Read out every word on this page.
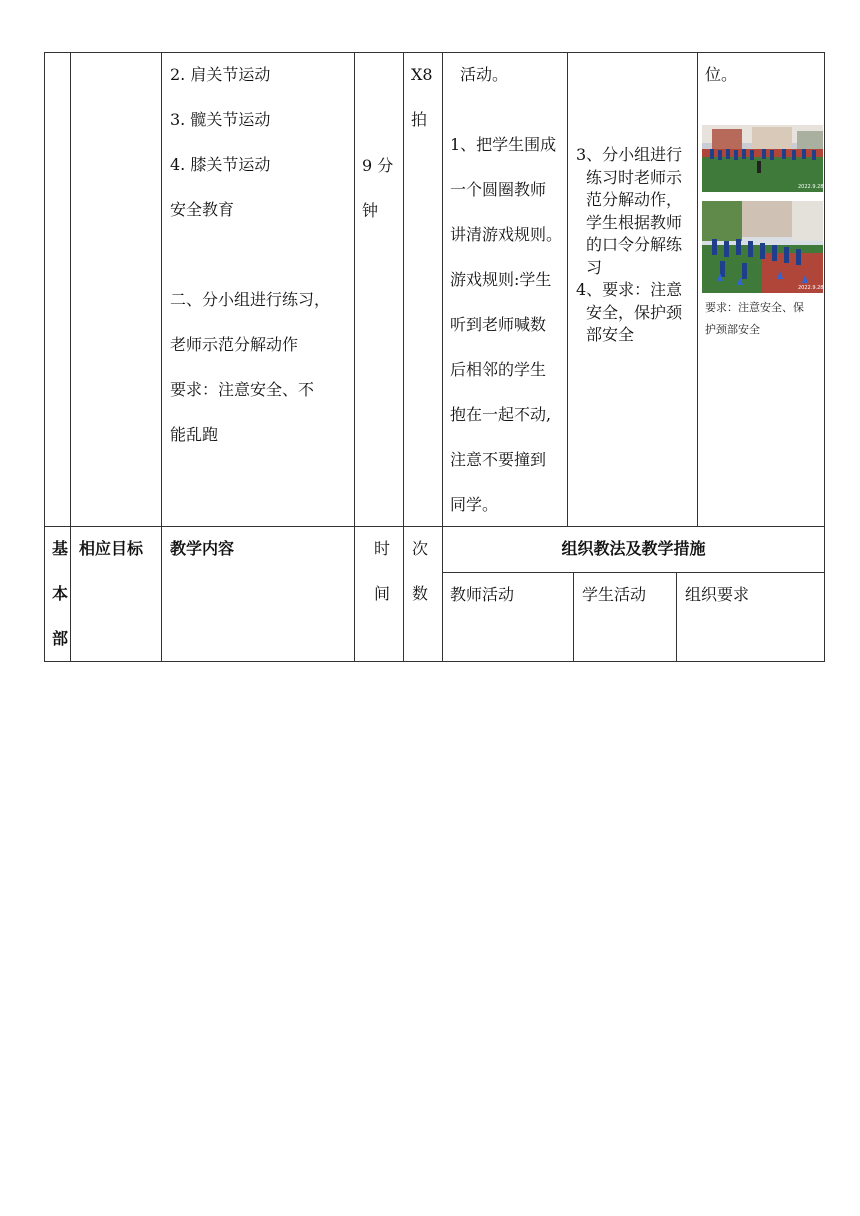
2. 肩关节运动
3. 髋关节运动
4. 膝关节运动
安全教育
二、分小组进行练习，
老师示范分解动作
要求：注意安全、不
能乱跑
9 分钟
X8
拍
活动。
1、把学生围成
一个圆圈教师
讲清游戏规则。
游戏规则:学生
听到老师喊数
后相邻的学生
抱在一起不动,
注意不要撞到
同学。
3、分小组进行
练习时老师示
范分解动作，
学生根据教师
的口令分解练
习
4、要求：注意
安全，保护颈
部安全
位。
2022.9.28
2022.9.28
要求：注意安全、保
护颈部安全
基
本
部
相应目标 教学内容	时
间
次
数
组织教法及教学措施
教师活动	学生活动 组织要求
